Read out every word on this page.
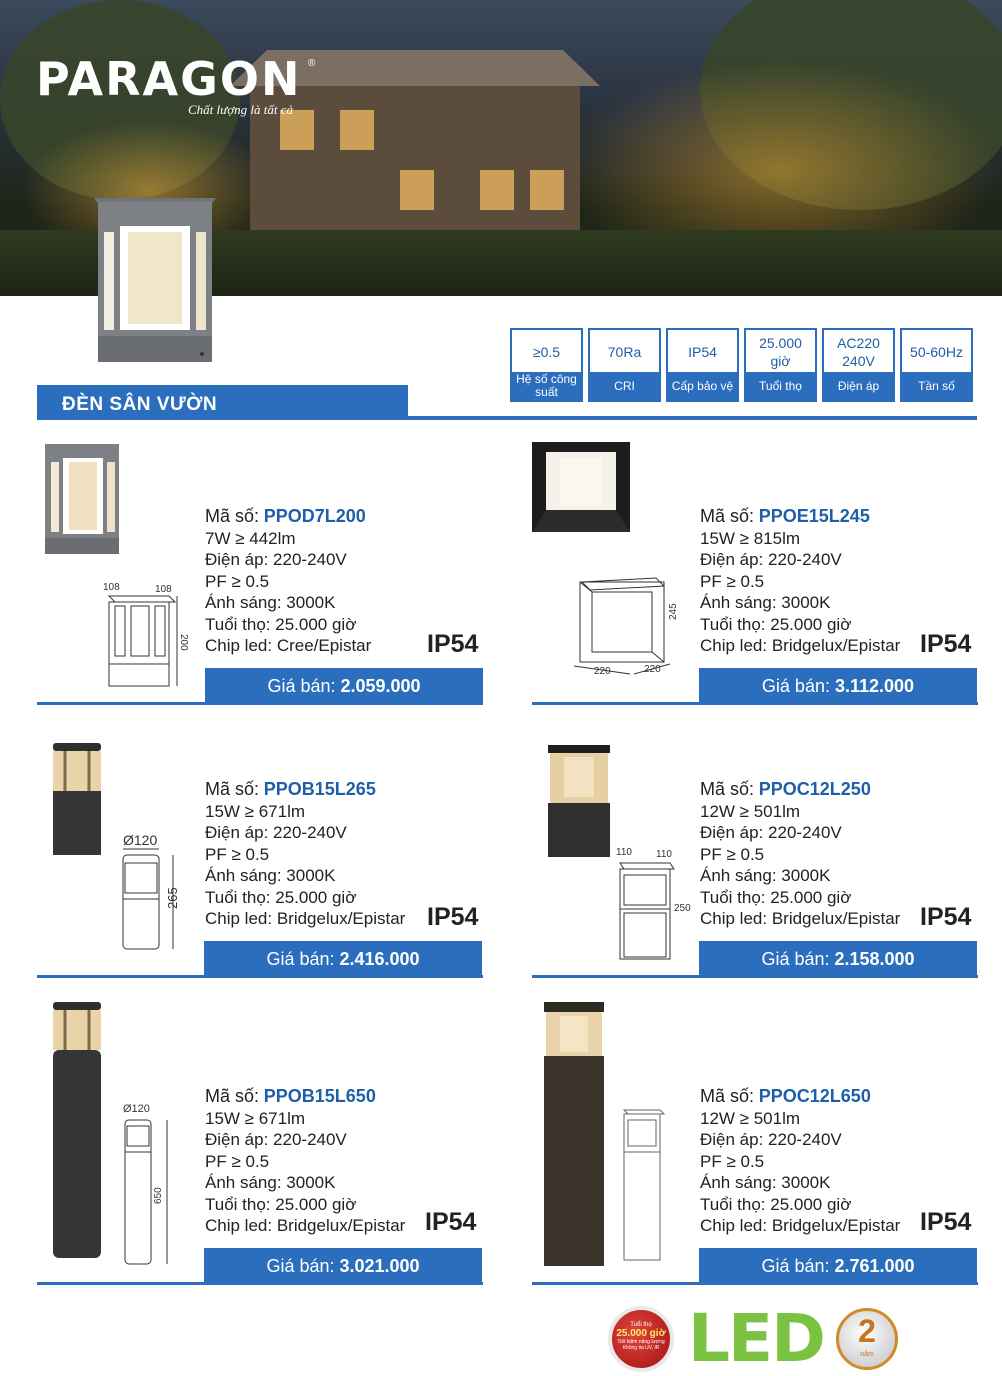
PARAGON ®
Chất lượng là tất cả
≥0.5
Hệ số công suất
70Ra
CRI
IP54
Cấp bảo vệ
25.000 giờ
Tuổi thọ
AC220 240V
Điện áp
50-60Hz
Tần số
ĐÈN SÂN VƯỜN
108	108
200
Mã số: PPOD7L200
7W ≥ 442lm
Điện áp: 220-240V
PF ≥ 0.5
Ánh sáng: 3000K
Tuổi thọ: 25.000 giờ
Chip led: Cree/Epistar IP54
Giá bán: 2.059.000
220	220
245
Mã số: PPOE15L245
15W ≥ 815lm
Điện áp: 220-240V
PF ≥ 0.5
Ánh sáng: 3000K
Tuổi thọ: 25.000 giờ
Chip led: Bridgelux/Epistar IP54
Giá bán: 3.112.000
Ø120
265
Mã số: PPOB15L265
15W ≥ 671lm
Điện áp: 220-240V
PF ≥ 0.5
Ánh sáng: 3000K
Tuổi thọ: 25.000 giờ
Chip led: Bridgelux/Epistar IP54
Giá bán: 2.416.000
110 110
250
Mã số: PPOC12L250
12W ≥ 501lm
Điện áp: 220-240V
PF ≥ 0.5
Ánh sáng: 3000K
Tuổi thọ: 25.000 giờ
Chip led: Bridgelux/Epistar IP54
Giá bán: 2.158.000
Ø120
650
Mã số: PPOB15L650
15W ≥ 671lm
Điện áp: 220-240V
PF ≥ 0.5
Ánh sáng: 3000K
Tuổi thọ: 25.000 giờ
Chip led: Bridgelux/Epistar IP54
Giá bán: 3.021.000
Mã số: PPOC12L650
12W ≥ 501lm
Điện áp: 220-240V
PF ≥ 0.5
Ánh sáng: 3000K
Tuổi thọ: 25.000 giờ
Chip led: Bridgelux/Epistar IP54
Giá bán: 2.761.000
Tuổi thọ
25.000 giờ
Tiết kiệm năng lượng Không tia UV, IR LED	2
năm
